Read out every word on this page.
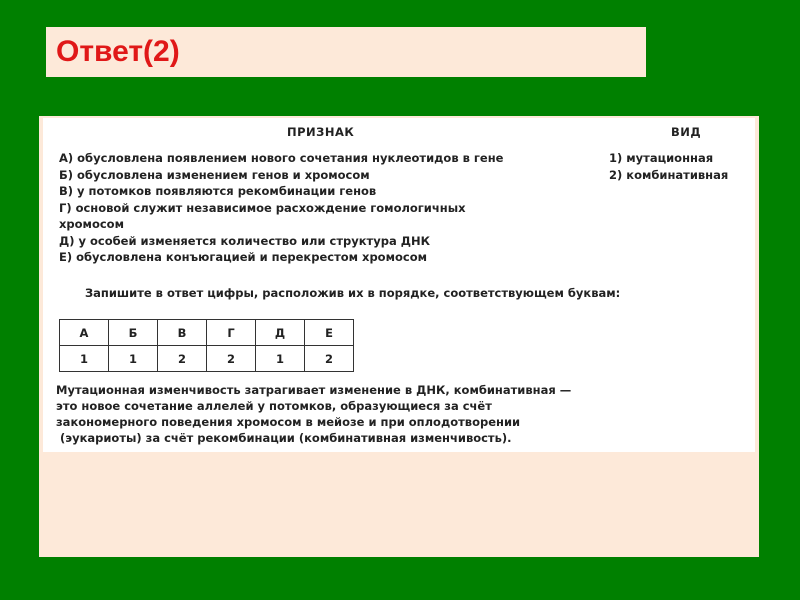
Ответ(2)
ПРИЗНАК	ВИД
А) обусловлена появлением нового сочетания нуклеотидов в гене
Б) обусловлена изменением генов и хромосом
В) у потомков появляются рекомбинации генов
Г) основой служит независимое расхождение гомологичных
хромосом
Д) у особей изменяется количество или структура ДНК
Е) обусловлена конъюгацией и перекрестом хромосом
1) мутационная
2) комбинативная
Запишите в ответ цифры, расположив их в порядке, соответствующем буквам:
А	Б	В	Г	Д	Е
1	1	2	2	1	2
Мутационная изменчивость затрагивает изменение в ДНК, комбинативная —
это новое сочетание аллелей у потомков, образующиеся за счёт
закономерного поведения хромосом в мейозе и при оплодотворении
(эукариоты) за счёт рекомбинации (комбинативная изменчивость).
